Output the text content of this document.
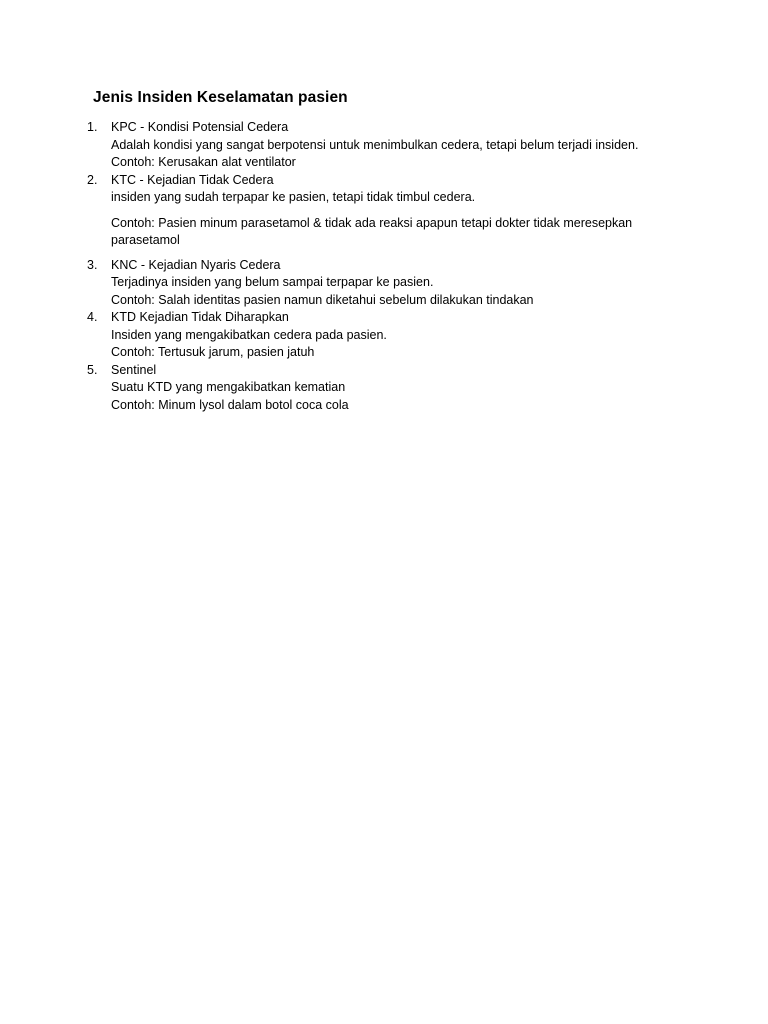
Jenis Insiden Keselamatan pasien
1. KPC - Kondisi Potensial Cedera
Adalah kondisi yang sangat berpotensi untuk menimbulkan cedera, tetapi belum terjadi insiden.
Contoh: Kerusakan alat ventilator
2. KTC - Kejadian Tidak Cedera
insiden yang sudah terpapar ke pasien, tetapi tidak timbul cedera.
Contoh: Pasien minum parasetamol & tidak ada reaksi apapun tetapi dokter tidak meresepkan parasetamol
3. KNC - Kejadian Nyaris Cedera
Terjadinya insiden yang belum sampai terpapar ke pasien.
Contoh: Salah identitas pasien namun diketahui sebelum dilakukan tindakan
4. KTD Kejadian Tidak Diharapkan
Insiden yang mengakibatkan cedera pada pasien.
Contoh: Tertusuk jarum, pasien jatuh
5. Sentinel
Suatu KTD yang mengakibatkan kematian
Contoh: Minum lysol dalam botol coca cola
